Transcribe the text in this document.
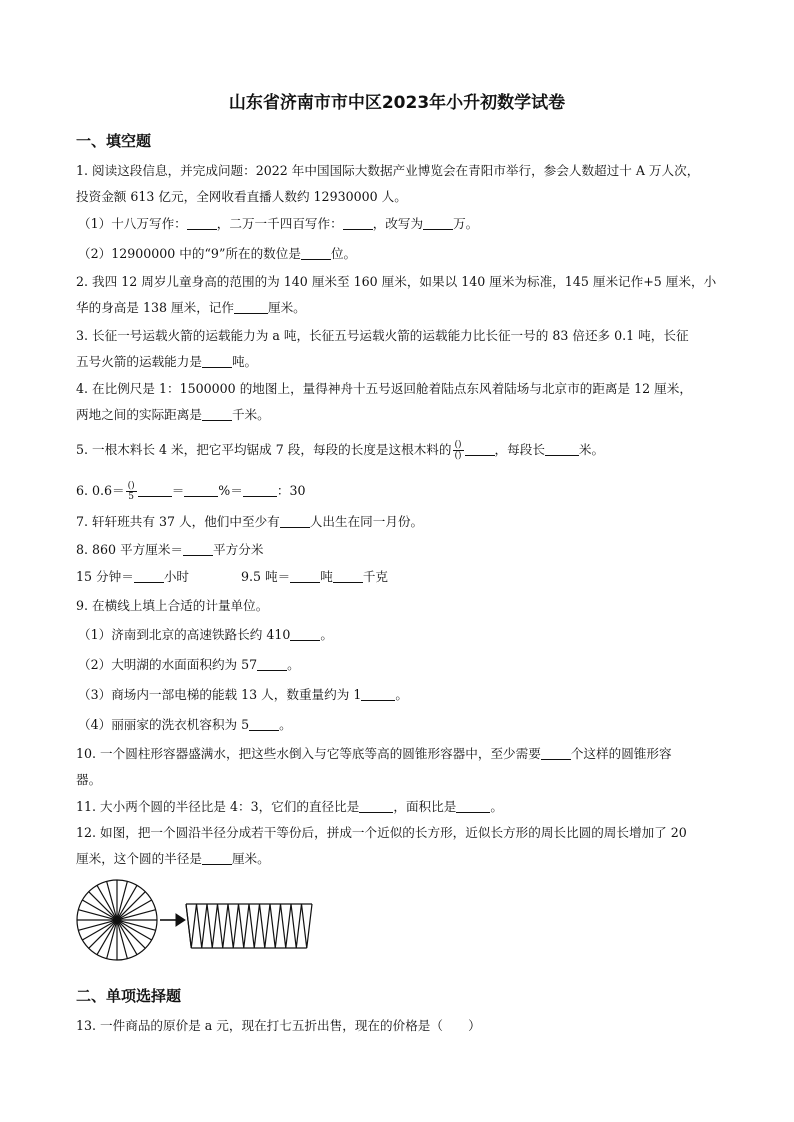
山东省济南市市中区2023年小升初数学试卷
一、填空题
1. 阅读这段信息，并完成问题：2022 年中国国际大数据产业博览会在青阳市举行，参会人数超过十 A 万人次，
投资金额 613 亿元，全网收看直播人数约 12930000 人。
（1）十八万写作： ，二万一千四百写作： ，改写为 万。
（2）12900000 中的“9”所在的数位是 位。
2. 我四 12 周岁儿童身高的范围的为 140 厘米至 160 厘米，如果以 140 厘米为标准，145 厘米记作+5 厘米，小
华的身高是 138 厘米，记作	厘米。
3. 长征一号运载火箭的运载能力为 a 吨，长征五号运载火箭的运载能力比长征一号的 83 倍还多 0.1 吨，长征
五号火箭的运载能力是 吨。
4. 在比例尺是 1：1500000 的地图上，量得神舟十五号返回舱着陆点东风着陆场与北京市的距离是 12 厘米，
两地之间的实际距离是 千米。
5. 一根木料长 4 米，把它平均锯成 7 段，每段的长度是这根木料的 $\frac{()}{()}$ ，每段长	米。
6. $0.6= \frac{()}{5}$	＝	%＝	：30
7. 轩轩班共有 37 人，他们中至少有 人出生在同一月份。
8. 860 平方厘米＝ 平方分米
15 分钟＝ 小时	9.5 吨＝ 吨 千克
9. 在横线上填上合适的计量单位。
（1）济南到北京的高速铁路长约 410 。
（2）大明湖的水面面积约为 57 。
（3）商场内一部电梯的能载 13 人，数重量约为 1	。
（4）丽丽家的洗衣机容积为 5 。
10. 一个圆柱形容器盛满水，把这些水倒入与它等底等高的圆锥形容器中，至少需要 个这样的圆锥形容
器。
11. 大小两个圆的半径比是 4：3，它们的直径比是	，面积比是	。
12. 如图，把一个圆沿半径分成若干等份后，拼成一个近似的长方形，近似长方形的周长比圆的周长增加了 20
厘米，这个圆的半径是 厘米。
二、单项选择题
13. 一件商品的原价是 a 元，现在打七五折出售，现在的价格是（　　）
